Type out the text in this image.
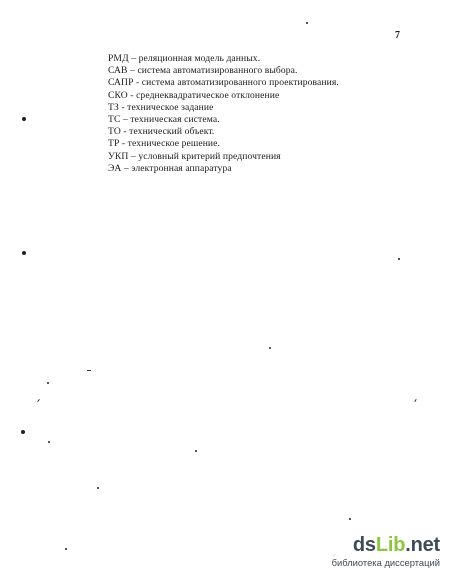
7
РМД – реляционная модель данных.
САВ – система автоматизированного выбора.
САПР - система автоматизированного проектирования.
СКО - среднеквадратическое отклонение
ТЗ - техническое задание
ТС – техническая система.
ТО - технический объект.
ТР - техническое решение.
УКП – условный критерий предпочтения
ЭА – электронная аппаратура
dsLib.net
библиотека диссертаций
